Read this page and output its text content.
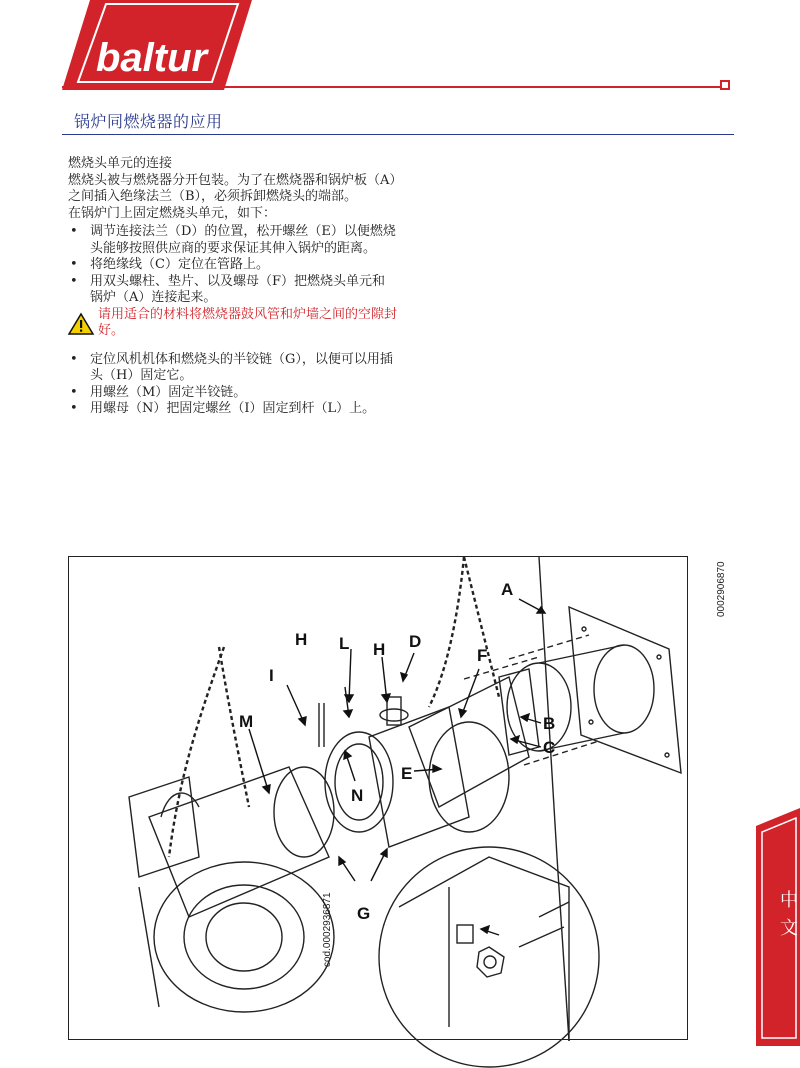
baltur
锅炉同燃烧器的应用

燃烧头单元的连接

燃烧头被与燃烧器分开包装。为了在燃烧器和锅炉板（A）之间插入绝缘法兰（B），必须拆卸燃烧头的端部。

在锅炉门上固定燃烧头单元，如下：

• 调节连接法兰（D）的位置，松开螺丝（E）以便燃烧头能够按照供应商的要求保证其伸入锅炉的距离。

• 将绝缘线（C）定位在管路上。

• 用双头螺柱、垫片、以及螺母（F）把燃烧头单元和锅炉（A）连接起来。

请用适合的材料将燃烧器鼓风管和炉墙之间的空隙封好。

• 定位风机机体和燃烧头的半铰链（G），以便可以用插头（H）固定它。

• 用螺丝（M）固定半铰链。

• 用螺母（N）把固定螺丝（I）固定到杆（L）上。

A
B
C
D
E
F
G
H
H
I
L
M
N
0002906870
cod.0002936871	中文
